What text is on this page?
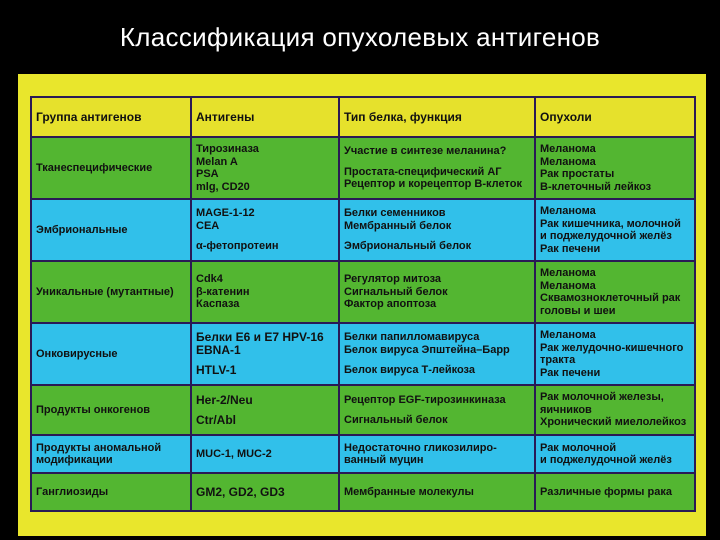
Классификация опухолевых антигенов
Группа антигенов	Антигены	Тип белка, функция	Опухоли
Тканеспецифические	Тирозиназа
Melan A
PSA
mlg, CD20	Участие в синтезе меланина?
Простата-специфический АГ
Рецептор и корецептор В-клеток	Меланома
Меланома
Рак простаты
В-клеточный лейкоз

Эмбриональные	MAGE-1-12
CEA
α-фетопротеин	Белки семенников
Мембранный белок
Эмбриональный белок	Меланома
Рак кишечника, молочной
и поджелудочной желёз
Рак печени

Уникальные (мутантные)	Cdk4
β-катенин
Каспаза	Регулятор митоза
Сигнальный белок
Фактор апоптоза	Меланома
Меланома
Сквамозноклеточный рак
головы и шеи

Онковирусные	Белки E6 и E7 HPV-16
EBNA-1
HTLV-1	Белки папилломавируса
Белок вируса Эпштейна–Барр
Белок вируса Т-лейкоза	Меланома
Рак желудочно-кишечного
тракта
Рак печени

Продукты онкогенов	Her-2/Neu
Ctr/Abl	Рецептор EGF-тирозинкиназа
Сигнальный белок	Рак молочной железы,
яичников
Хронический миелолейкоз

Продукты аномальной модификации	MUC-1, MUC-2	Недостаточно гликозилиро-
ванный муцин	Рак молочной
и поджелудочной желёз

Ганглиозиды	GM2, GD2, GD3	Мембранные молекулы	Различные формы рака
